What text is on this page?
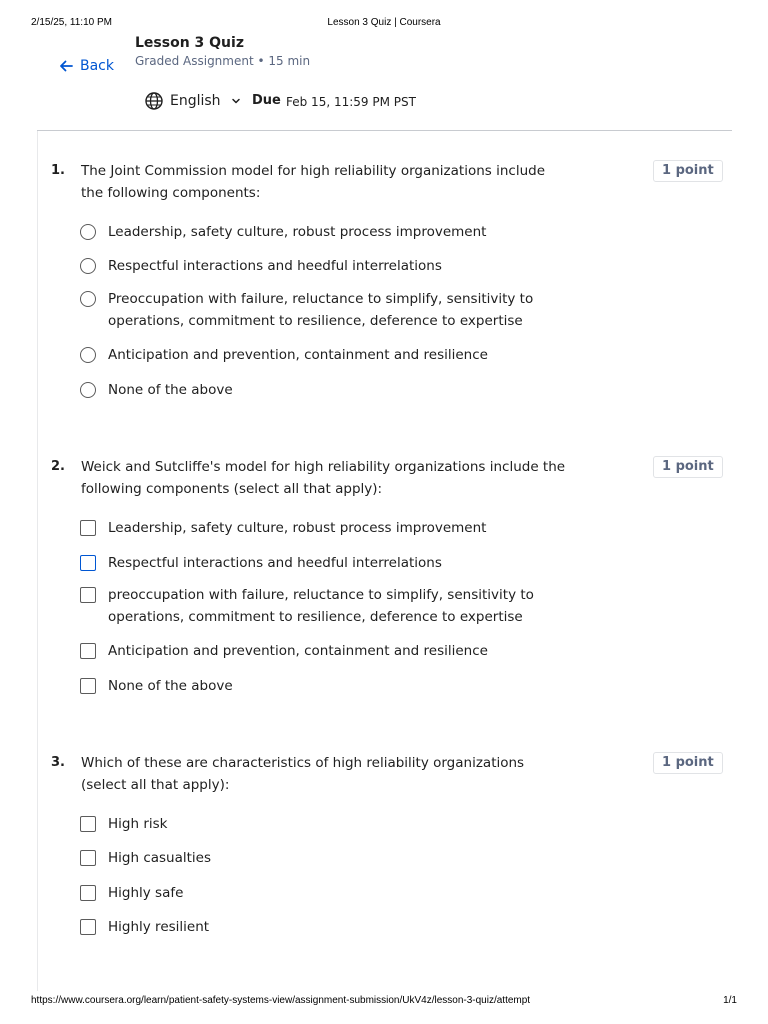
2/15/25, 11:10 PM	Lesson 3 Quiz | Coursera
Back
Lesson 3 Quiz
Graded Assignment • 15 min
English Due Feb 15, 11:59 PM PST
1. The Joint Commission model for high reliability organizations include the following components:
1 point
Leadership, safety culture, robust process improvement
Respectful interactions and heedful interrelations
Preoccupation with failure, reluctance to simplify, sensitivity to operations, commitment to resilience, deference to expertise
Anticipation and prevention, containment and resilience
None of the above
2. Weick and Sutcliffe's model for high reliability organizations include the following components (select all that apply):
1 point
Leadership, safety culture, robust process improvement
Respectful interactions and heedful interrelations
preoccupation with failure, reluctance to simplify, sensitivity to operations, commitment to resilience, deference to expertise
Anticipation and prevention, containment and resilience
None of the above
3. Which of these are characteristics of high reliability organizations (select all that apply):
1 point
High risk
High casualties
Highly safe
Highly resilient
https://www.coursera.org/learn/patient-safety-systems-view/assignment-submission/UkV4z/lesson-3-quiz/attempt	1/1
